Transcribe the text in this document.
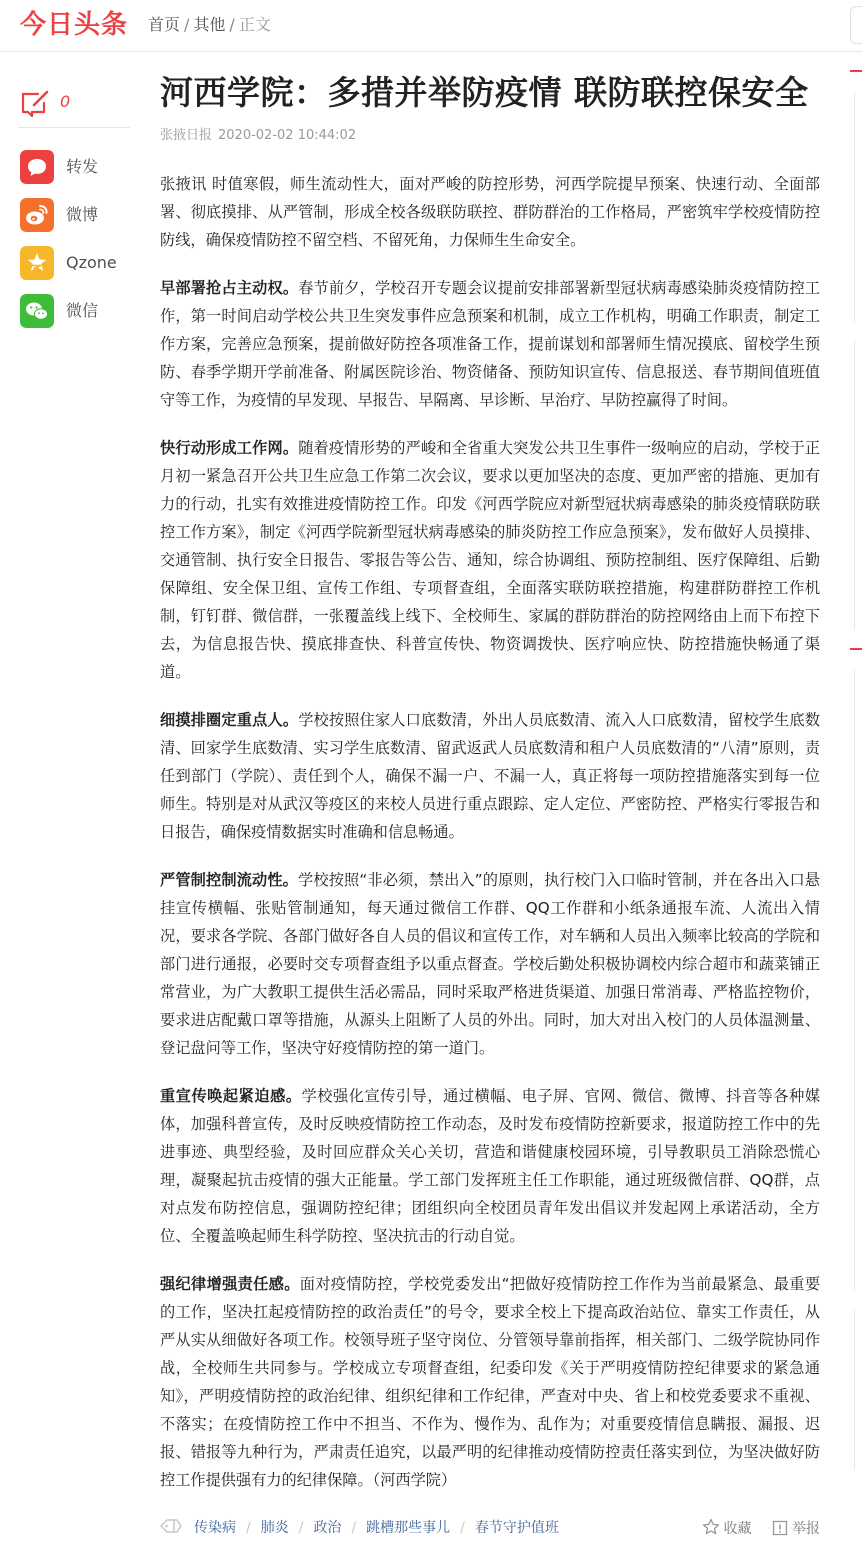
今日头条 首页 / 其他 / 正文
0
转发
微博
Qzone
微信
河西学院：多措并举防疫情 联防联控保安全
张掖日报 2020-02-02 10:44:02

张掖讯 时值寒假，师生流动性大，面对严峻的防控形势，河西学院提早预案、快速行动、全面部署、彻底摸排、从严管制，形成全校各级联防联控、群防群治的工作格局，严密筑牢学校疫情防控防线，确保疫情防控不留空档、不留死角，力保师生生命安全。

早部署抢占主动权。春节前夕，学校召开专题会议提前安排部署新型冠状病毒感染肺炎疫情防控工作，第一时间启动学校公共卫生突发事件应急预案和机制，成立工作机构，明确工作职责，制定工作方案，完善应急预案，提前做好防控各项准备工作，提前谋划和部署师生情况摸底、留校学生预防、春季学期开学前准备、附属医院诊治、物资储备、预防知识宣传、信息报送、春节期间值班值守等工作，为疫情的早发现、早报告、早隔离、早诊断、早治疗、早防控赢得了时间。

快行动形成工作网。随着疫情形势的严峻和全省重大突发公共卫生事件一级响应的启动，学校于正月初一紧急召开公共卫生应急工作第二次会议，要求以更加坚决的态度、更加严密的措施、更加有力的行动，扎实有效推进疫情防控工作。印发《河西学院应对新型冠状病毒感染的肺炎疫情联防联控工作方案》，制定《河西学院新型冠状病毒感染的肺炎防控工作应急预案》，发布做好人员摸排、交通管制、执行安全日报告、零报告等公告、通知，综合协调组、预防控制组、医疗保障组、后勤保障组、安全保卫组、宣传工作组、专项督查组，全面落实联防联控措施，构建群防群控工作机制，钉钉群、微信群，一张覆盖线上线下、全校师生、家属的群防群治的防控网络由上而下布控下去，为信息报告快、摸底排查快、科普宣传快、物资调拨快、医疗响应快、防控措施快畅通了渠道。

细摸排圈定重点人。学校按照住家人口底数清，外出人员底数清、流入人口底数清，留校学生底数清、回家学生底数清、实习学生底数清、留武返武人员底数清和租户人员底数清的“八清”原则，责任到部门（学院）、责任到个人，确保不漏一户、不漏一人，真正将每一项防控措施落实到每一位师生。特别是对从武汉等疫区的来校人员进行重点跟踪、定人定位、严密防控、严格实行零报告和日报告，确保疫情数据实时准确和信息畅通。

严管制控制流动性。学校按照“非必须，禁出入”的原则，执行校门入口临时管制，并在各出入口悬挂宣传横幅、张贴管制通知，每天通过微信工作群、QQ工作群和小纸条通报车流、人流出入情况，要求各学院、各部门做好各自人员的倡议和宣传工作，对车辆和人员出入频率比较高的学院和部门进行通报，必要时交专项督查组予以重点督查。学校后勤处积极协调校内综合超市和蔬菜铺正常营业，为广大教职工提供生活必需品，同时采取严格进货渠道、加强日常消毒、严格监控物价，要求进店配戴口罩等措施，从源头上阻断了人员的外出。同时，加大对出入校门的人员体温测量、登记盘问等工作，坚决守好疫情防控的第一道门。

重宣传唤起紧迫感。学校强化宣传引导，通过横幅、电子屏、官网、微信、微博、抖音等各种媒体，加强科普宣传，及时反映疫情防控工作动态，及时发布疫情防控新要求，报道防控工作中的先进事迹、典型经验，及时回应群众关心关切，营造和谐健康校园环境，引导教职员工消除恐慌心理，凝聚起抗击疫情的强大正能量。学工部门发挥班主任工作职能，通过班级微信群、QQ群，点对点发布防控信息，强调防控纪律；团组织向全校团员青年发出倡议并发起网上承诺活动，全方位、全覆盖唤起师生科学防控、坚决抗击的行动自觉。

强纪律增强责任感。面对疫情防控，学校党委发出“把做好疫情防控工作作为当前最紧急、最重要的工作，坚决扛起疫情防控的政治责任”的号令，要求全校上下提高政治站位、靠实工作责任，从严从实从细做好各项工作。校领导班子坚守岗位、分管领导靠前指挥，相关部门、二级学院协同作战，全校师生共同参与。学校成立专项督查组，纪委印发《关于严明疫情防控纪律要求的紧急通知》，严明疫情防控的政治纪律、组织纪律和工作纪律，严查对中央、省上和校党委要求不重视、不落实；在疫情防控工作中不担当、不作为、慢作为、乱作为；对重要疫情信息瞒报、漏报、迟报、错报等九种行为，严肃责任追究，以最严明的纪律推动疫情防控责任落实到位，为坚决做好防控工作提供强有力的纪律保障。（河西学院）

传染病 / 肺炎 / 政治 / 跳槽那些事儿 / 春节守护值班	收藏	举报
